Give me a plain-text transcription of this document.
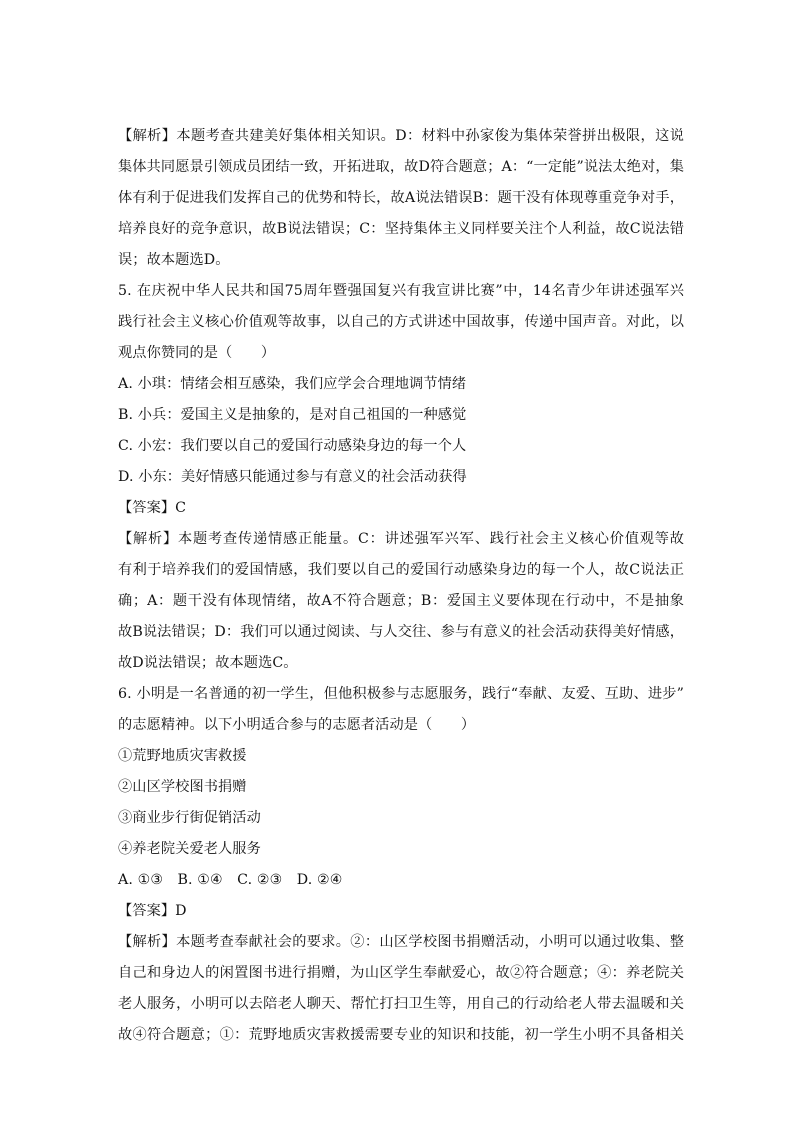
【解析】本题考查共建美好集体相关知识。D：材料中孙家俊为集体荣誉拼出极限，这说
集体共同愿景引领成员团结一致，开拓进取，故D符合题意；A：“一定能”说法太绝对，集
体有利于促进我们发挥自己的优势和特长，故A说法错误B：题干没有体现尊重竞争对手，
培养良好的竞争意识，故B说法错误；C：坚持集体主义同样要关注个人利益，故C说法错
误；故本题选D。
5. 在庆祝中华人民共和国75周年暨强国复兴有我宣讲比赛”中，14名青少年讲述强军兴
践行社会主义核心价值观等故事，以自己的方式讲述中国故事，传递中国声音。对此，以
观点你赞同的是（　　）
A. 小琪：情绪会相互感染，我们应学会合理地调节情绪
B. 小兵：爱国主义是抽象的，是对自己祖国的一种感觉
C. 小宏：我们要以自己的爱国行动感染身边的每一个人
D. 小东：美好情感只能通过参与有意义的社会活动获得
【答案】C
【解析】本题考查传递情感正能量。C：讲述强军兴军、践行社会主义核心价值观等故
有利于培养我们的爱国情感，我们要以自己的爱国行动感染身边的每一个人，故C说法正
确；A：题干没有体现情绪，故A不符合题意；B：爱国主义要体现在行动中，不是抽象
故B说法错误；D：我们可以通过阅读、与人交往、参与有意义的社会活动获得美好情感，
故D说法错误；故本题选C。
6. 小明是一名普通的初一学生，但他积极参与志愿服务，践行“奉献、友爱、互助、进步”
的志愿精神。以下小明适合参与的志愿者活动是（　　）
①荒野地质灾害救援
②山区学校图书捐赠
③商业步行街促销活动
④养老院关爱老人服务
A. ①③　B. ①④　C. ②③　D. ②④
【答案】D
【解析】本题考查奉献社会的要求。②：山区学校图书捐赠活动，小明可以通过收集、整
自己和身边人的闲置图书进行捐赠，为山区学生奉献爱心，故②符合题意；④：养老院关
老人服务，小明可以去陪老人聊天、帮忙打扫卫生等，用自己的行动给老人带去温暖和关
故④符合题意；①：荒野地质灾害救援需要专业的知识和技能，初一学生小明不具备相关
